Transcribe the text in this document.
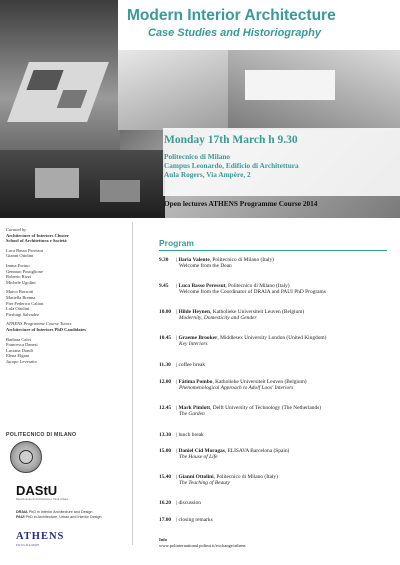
Modern Interior Architecture
Case Studies and Historiography
Monday 17th March h 9.30
Politecnico di Milano
Campus Leonardo, Edificio di Architettura
Aula Rogers, Via Ampère, 2
Open lectures ATHENS Programme Course 2014
Curated by
Architecture of Interiors Cluster
School of Architettura e Società
Luca Basso Peressut
Gianni Ottolini
Imma Forino
Gennaro Postiglione
Roberto Rizzi
Michele Ugolini
Marco Borsotti
Mariella Brenna
Pier Federico Caliari
Lola Ottolini
Pierluigi Salvadeo
ATHENS Programme Course Tutors
Architecture of Interiors PhD Candidates
Barbara Calvi
Francesca Danesi
Luciana Dondi
Elena Elgani
Jacopo Leveratto
POLITECNICO DI MILANO
DAStU
Dipartimento di Architettura e Studi Urbani
DRAIA PhD in Interior Architecture and Design
PAUI PhD in Architecture, Urban and Interior Design
ATHENS
PROGRAMME
Program
9.30 | Ilaria Valente, Politecnico di Milano (Italy)
Welcome from the Dean
9.45 | Luca Basso Peressut, Politecnico di Milano (Italy)
Welcome from the Coordinator of DRAIA and PAUI PhD Programs
10.00 | Hilde Heynen, Katholieke Universiteit Leuven (Belgium)
Modernity, Domesticity and Gender
10.45 | Graeme Brooker, Middlesex University London (United Kingdom)
Key Interiors
11.30 | coffee break
12.00 | Fátima Pombo, Katholieke Universiteit Leuven (Belgium)
Phenomenological Approach to Adolf Loos' Interiors
12.45 | Mark Pimlott, Delft University of Technology (The Netherlands)
The Garden
13.30 | lunch break
15.00 | Daniel Cid Moragas, ELISAVA Barcelona (Spain)
The House of Life
15.40 | Gianni Ottolini, Politecnico di Milano (Italy)
The Teaching of Beauty
16.20 | discussion
17.00 | closing remarks
Info
www.polinternational.polimi.it/exchange/athens
